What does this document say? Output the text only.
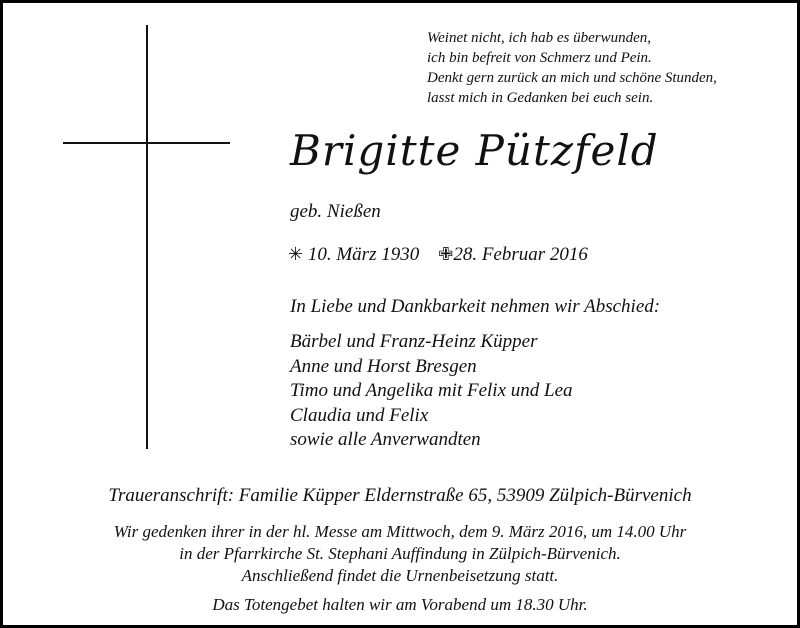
Weinet nicht, ich hab es überwunden,
ich bin befreit von Schmerz und Pein.
Denkt gern zurück an mich und schöne Stunden,
lasst mich in Gedanken bei euch sein.
Brigitte Pützfeld
geb. Nießen
✳ 10. März 1930 ✙28. Februar 2016
In Liebe und Dankbarkeit nehmen wir Abschied:
Bärbel und Franz-Heinz Küpper
Anne und Horst Bresgen
Timo und Angelika mit Felix und Lea
Claudia und Felix
sowie alle Anverwandten
Traueranschrift: Familie Küpper Eldernstraße 65, 53909 Zülpich-Bürvenich
Wir gedenken ihrer in der hl. Messe am Mittwoch, dem 9. März 2016, um 14.00 Uhr
in der Pfarrkirche St. Stephani Auffindung in Zülpich-Bürvenich.
Anschließend findet die Urnenbeisetzung statt.
Das Totengebet halten wir am Vorabend um 18.30 Uhr.
